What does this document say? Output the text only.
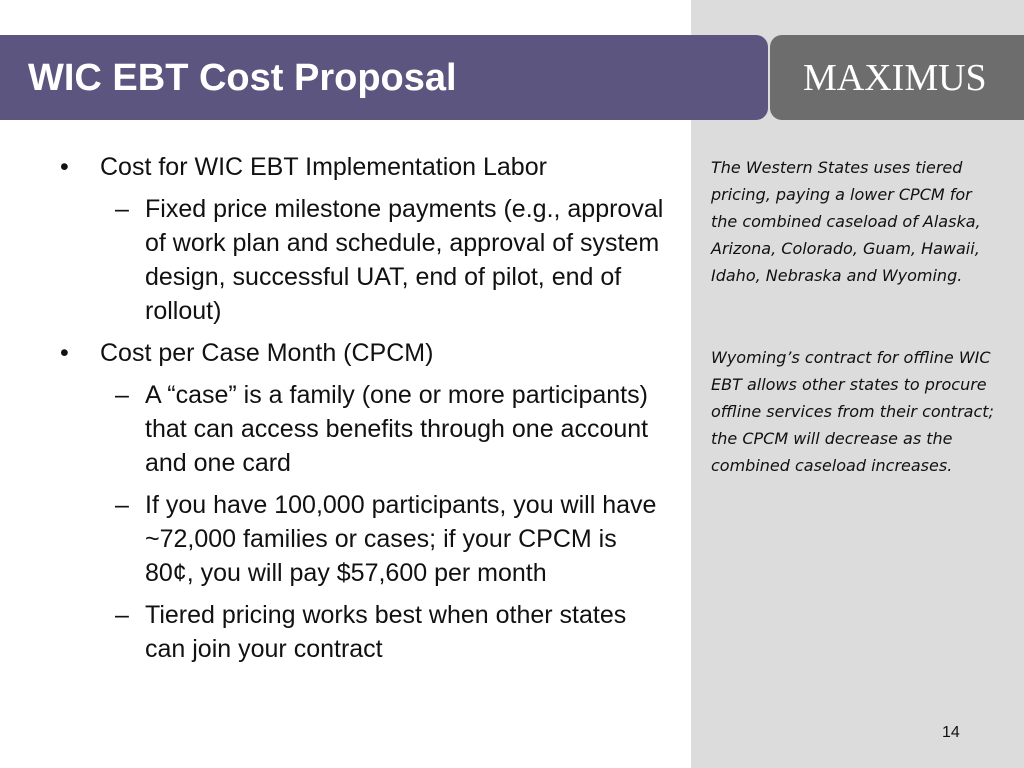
WIC EBT Cost Proposal	MAXIMUS
• Cost for WIC EBT Implementation Labor
– Fixed price milestone payments (e.g., approval of work plan and schedule, approval of system design, successful UAT, end of pilot, end of rollout)
• Cost per Case Month (CPCM)
– A “case” is a family (one or more participants) that can access benefits through one account and one card
– If you have 100,000 participants, you will have ~72,000 families or cases; if your CPCM is 80¢, you will pay $57,600 per month
– Tiered pricing works best when other states can join your contract
The Western States uses tiered pricing, paying a lower CPCM for the combined caseload of Alaska, Arizona, Colorado, Guam, Hawaii, Idaho, Nebraska and Wyoming.
Wyoming’s contract for offline WIC EBT allows other states to procure offline services from their contract; the CPCM will decrease as the combined caseload increases.
14
